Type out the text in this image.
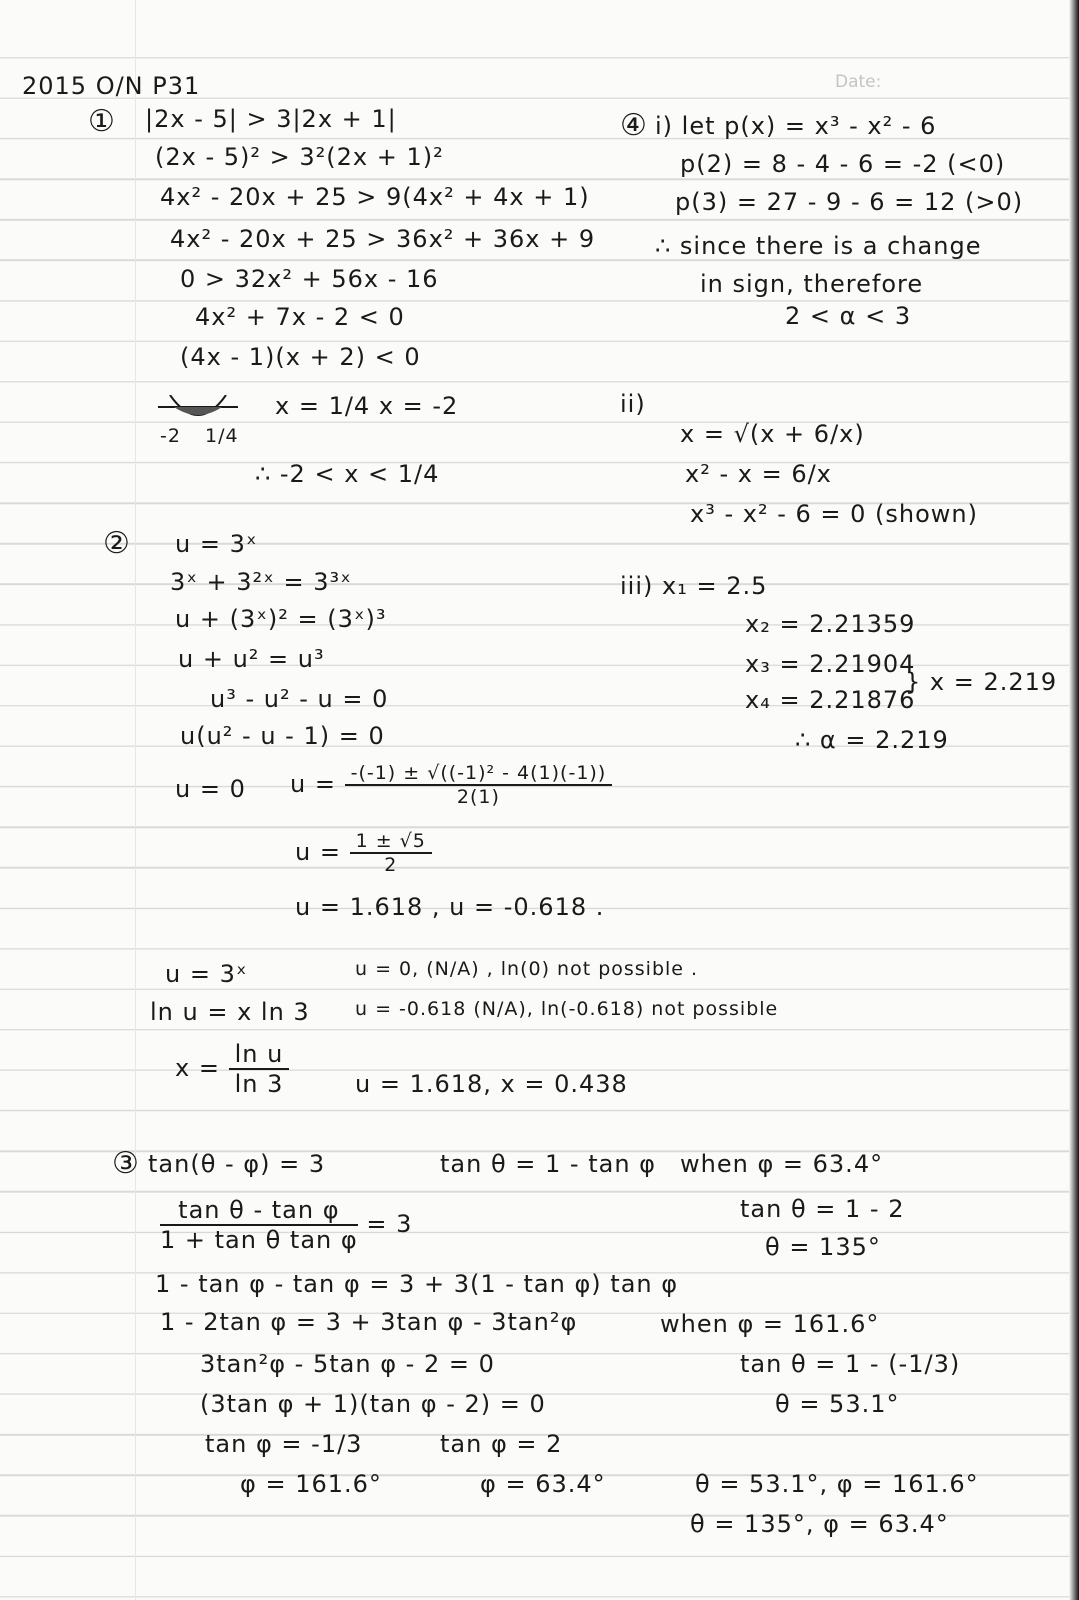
2015 O/N P31	Date:
① |2x - 5| > 3|2x + 1|
(2x - 5)² > 3²(2x + 1)²
4x² - 20x + 25 > 9(4x² + 4x + 1)
4x² - 20x + 25 > 36x² + 36x + 9
0 > 32x² + 56x - 16
4x² + 7x - 2 < 0
(4x - 1)(x + 2) < 0
-2 1/4
x = 1/4 x = -2
∴ -2 < x < 1/4
② u = 3ˣ
3ˣ + 3²ˣ = 3³ˣ
u + (3ˣ)² = (3ˣ)³
u + u² = u³
u³ - u² - u = 0
u(u² - u - 1) = 0
u = 0 $u = \frac{\text{-(-1) ± √((-1)² - 4(1)(-1))}}{2(1)}$
$u = \frac{1 \pm √5}{2}$
u = 1.618 , u = -0.618 .
u = 3ˣ
ln u = x ln 3
u = 0, (N/A) , ln(0) not possible .
u = -0.618 (N/A), ln(-0.618) not possible
$x = \frac{\text{ln u}}{\ln 3}$	u = 1.618, x = 0.438
③ tan(θ - φ) = 3	tan θ = 1 - tan φ
$\frac{\text{tan θ - tan φ}}{\text{1 + tan θ tan φ}} = 3$
1 - tan φ - tan φ = 3 + 3(1 - tan φ) tan φ
1 - 2tan φ = 3 + 3tan φ - 3tan²φ
3tan²φ - 5tan φ - 2 = 0
(3tan φ + 1)(tan φ - 2) = 0
tan φ = -1/3	tan φ = 2
φ = 161.6°	φ = 63.4°
when φ = 63.4°
tan θ = 1 - 2
θ = 135°
when φ = 161.6°
tan θ = 1 - (-1/3)
θ = 53.1°
θ = 53.1°, φ = 161.6°
θ = 135°, φ = 63.4°
④ i) let p(x) = x³ - x² - 6
p(2) = 8 - 4 - 6 = -2 (<0)
p(3) = 27 - 9 - 6 = 12 (>0)
∴ since there is a change
in sign, therefore
2 < α < 3
ii)
x = √(x + 6/x)
x² - x = 6/x
x³ - x² - 6 = 0 (shown)
iii) x₁ = 2.5
x₂ = 2.21359
x₃ = 2.21904
x₄ = 2.21876
} x = 2.219
∴ α = 2.219
